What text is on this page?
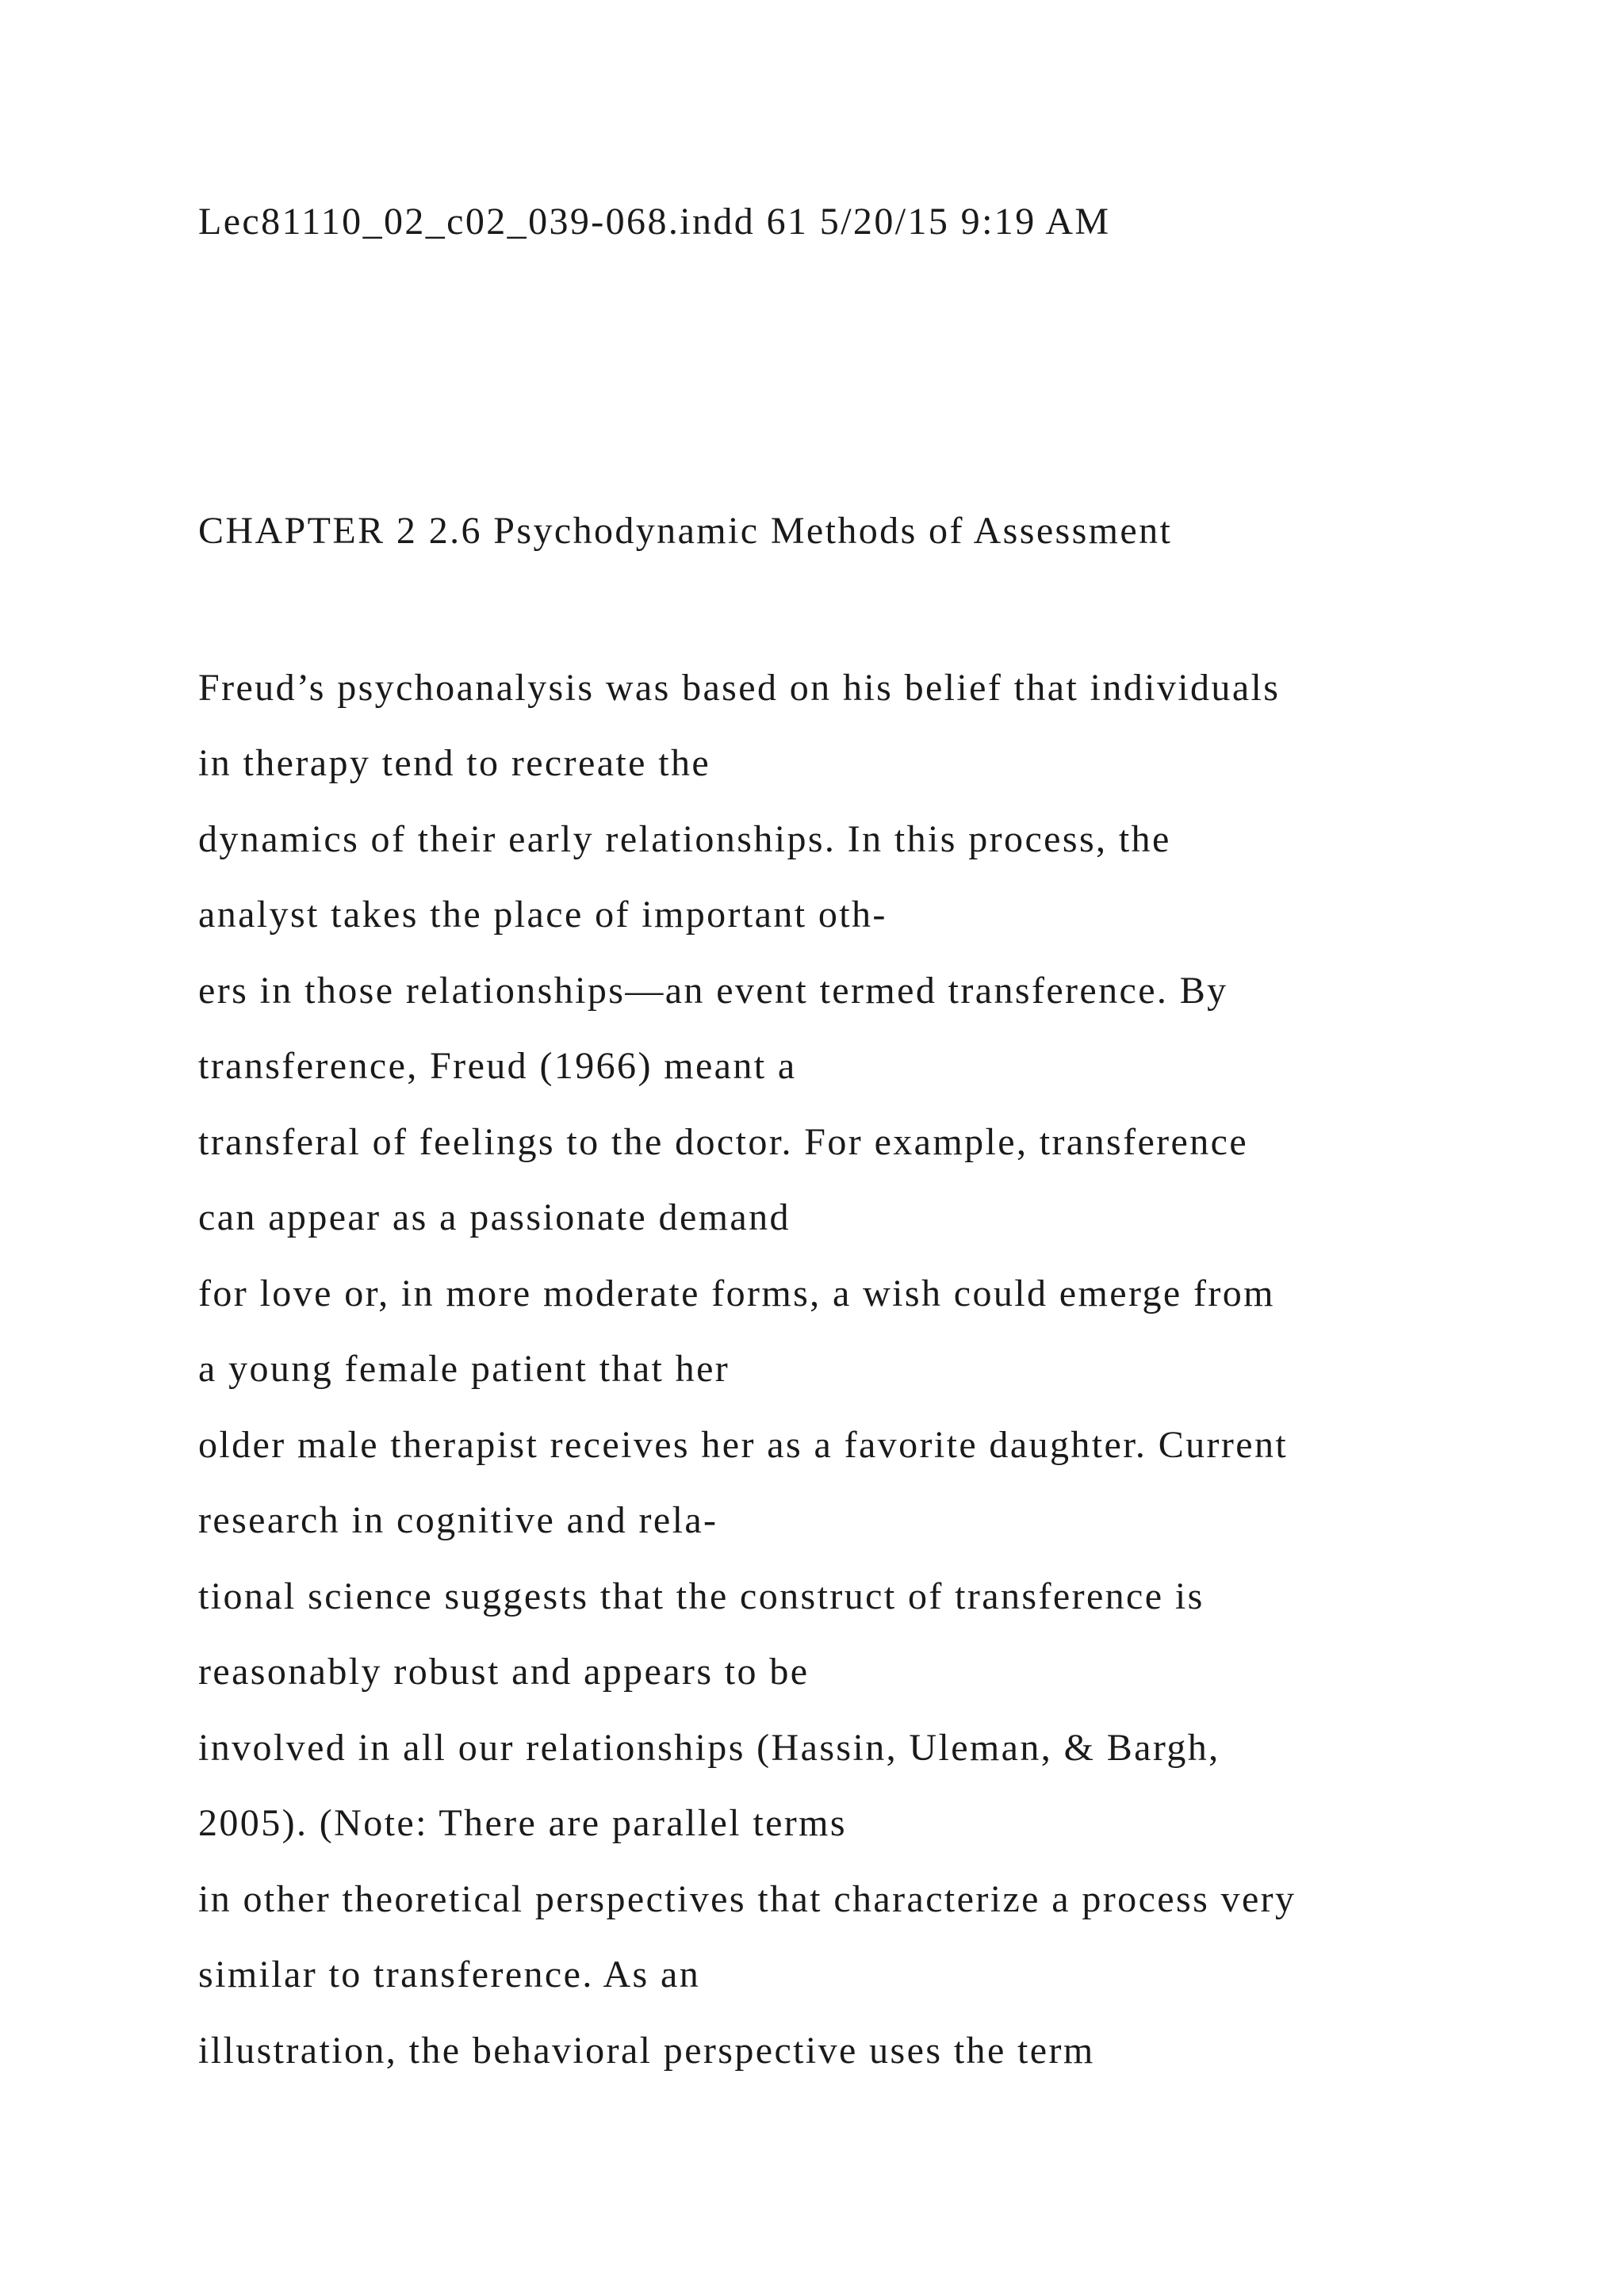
Lec81110_02_c02_039-068.indd 61 5/20/15 9:19 AM

CHAPTER 2 2.6 Psychodynamic Methods of Assessment

Freud’s psychoanalysis was based on his belief that individuals

in therapy tend to recreate the

dynamics of their early relationships. In this process, the

analyst takes the place of important oth-

ers in those relationships—an event termed transference. By

transference, Freud (1966) meant a

transferal of feelings to the doctor. For example, transference

can appear as a passionate demand

for love or, in more moderate forms, a wish could emerge from

a young female patient that her

older male therapist receives her as a favorite daughter. Current

research in cognitive and rela-

tional science suggests that the construct of transference is

reasonably robust and appears to be

involved in all our relationships (Hassin, Uleman, & Bargh,

2005). (Note: There are parallel terms

in other theoretical perspectives that characterize a process very

similar to transference. As an

illustration, the behavioral perspective uses the term
